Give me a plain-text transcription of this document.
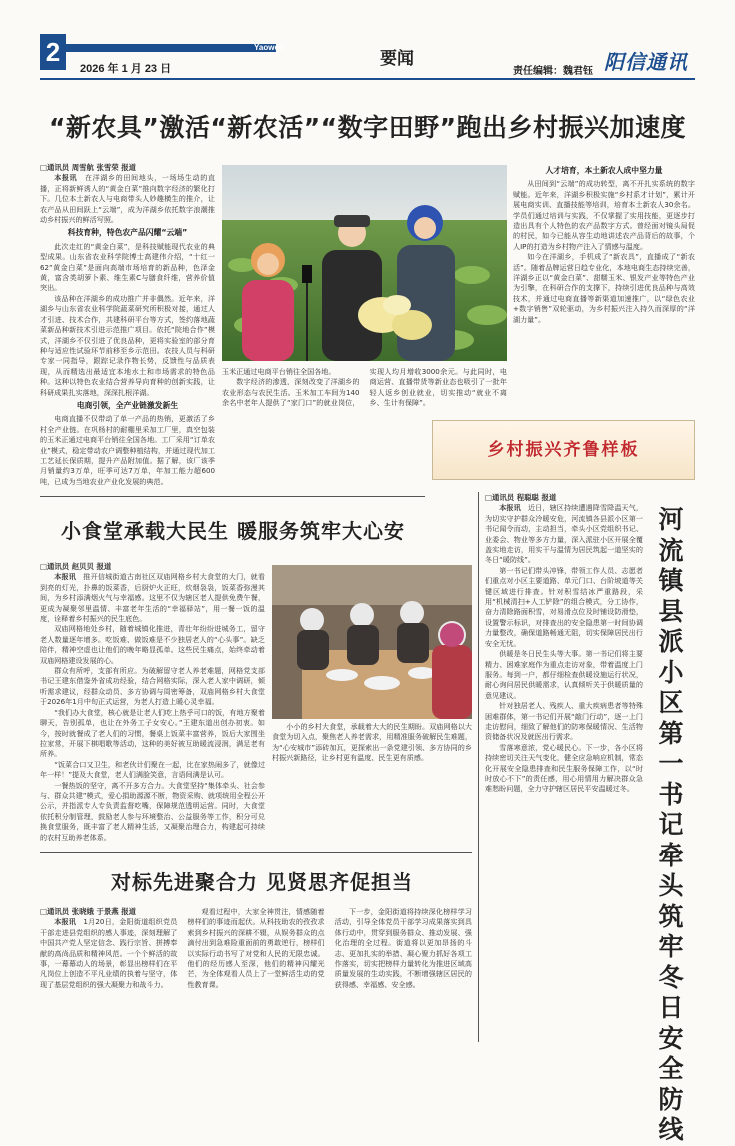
2	Yaowen
2026 年 1 月 23 日	要闻
责任编辑：魏君钰 阳信通讯
“新农具”激活“新农活”“数字田野”跑出乡村振兴加速度

□通讯员 周雪航 张雪荣 报道

本报讯　 在洋湖乡的田间地头，一场场生动的直播，正将新鲜诱人的“黄金白菜”推向数字经济的繁化打下。几位本土新农人与电商带头人妙趣横生的推介，让农产品从田间跃上“云端”，成为洋湖乡依托数字浪潮推动乡村振兴的鲜活写照。

科技育种，特色农产品闪耀“云端”

此次走红的“黄金白菜”，是科技赋能现代农业的典型成果。山东省农业科学院博士高建伟介绍，“十红一62”黄金白菜”是面向高端市场培育的新品种，色泽金黄，富含类胡萝卜素、维生素C与膳食纤维，营养价值突出。

该品种在洋湖乡的成功推广并非偶然。近年来，洋湖乡与山东省农业科学院蔬菜研究所积极对接，通过人才引进、技术合作，共建科研平台等方式，签约落地蔬菜新品种新技术引进示范推广项目。依托“院地合作”模式，洋湖乡不仅引进了优良品种，更将实验室的部分育种与适应性试验环节前移至乡示范田。农技人员与科研专家一同指导，跟踪记录作物长势，反馈性与品质表现，从而精选出最适宜本地水土和市场需求的特色品种。这种以特色农业结合营养导向育种的创新实践，让科研成果扎实落地，深深扎根洋湖。

电商引领，全产业链激发新生

电商直播不仅带动了单一产品的热销，更激活了乡村全产业链。在巩杨村的耐棚里采加工厂里，真空包装的玉米正通过电商平台销往全国各地。工厂采用“订单农业”模式，稳定带动农户调整种植结构，并通过现代加工工艺延长保质期，提升产品附加值。据了解，该厂该季月销量约3万单，旺季可达7万单，年加工能力超600吨，已成为当地农业产业化发展的典范。

玉米正通过电商平台销往全国各地。

数字经济的渗透，深刻改变了洋湖乡的农业形态与农民生活。玉米加工车间为140余名中老年人提供了“家门口”的就业岗位，实现人均月增收3000余元。与此同时，电商运营、直播带货等新业态也吸引了一批年轻人返乡创业就业，切实推动“就业不离乡、生计有保障”。

人才培育，本土新农人成中坚力量

从田间到“云端”的成功转型，离不开扎实系统的数字赋能。近年来，洋湖乡积极实施“乡村系才计划”，累计开展电商实训、直播技能等培训，培育本土新农人30余名。学员们通过培训与实践，不仅掌握了实用技能，更逐步打造出具有个人特色的农产品数字方式。曾经面对镜头局促的村民，如今已能从容生动地讲述农产品背后的故事，个人IP的打造为乡村物产注入了情感与温度。

如今在洋湖乡，手机成了“新农具”，直播成了“新农活”。随着品牌运营日趋专业化，本地电商生态持续完善，洋湖乡正以“黄金白菜”、甜糯玉米、银发产业等特色产业为引擎，在科研合作的支撑下，持续引进优良品种与高效技术，并通过电商直播等新渠道加速推广，以“绿色农业+数字销售”双轮驱动，为乡村振兴注入持久而深厚的“洋湖力量”。

乡村振兴齐鲁样板
小食堂承载大民生 暖服务筑牢大心安

□通讯员 赵贝贝 报道

本报讯　 推开信城街道古南社区双庙网格乡村大食堂的大门，就看到亮的灯光，扑鼻的饭菜香，后厨炉火正旺，炊烟袅袅，饭菜香弥漫其间，为乡村添满烟火气与幸福感。这里不仅为辖区老人提供免费午餐，更成为凝聚邻里温情、丰富老年生活的“幸福驿站”，用一餐一饭的温度，诠释着乡村振兴的民生底色。

双庙网格地处乡村，随着城镇化推进，青壮年纷纷进城务工，留守老人数量逐年增多。吃饭难、做饭难是不少独居老人的“心头事”。缺乏陪伴，精神空虚也让他们的晚年略显孤单。这些民生痛点，始终牵动着双庙网格建设发展的心。

群众有所呼，支部有所应。为破解留守老人养老难题，网格党支部书记王建东借鉴外省成功经验，结合网格实际，深入老人家中调研，倾听需求建议，经群众动员、多方协调与周密筹备，双庙网格乡村大食堂于2026年1月中旬正式运营，为老人打造上暖心灵幸福。

“我们办大食堂，核心就是让老人们吃上热乎可口的饭，有地方聚着聊天，告别孤单，也让在外务工子女安心。”王建东道出创办初衷。如今，按时就餐成了老人们的习惯，餐桌上饭菜丰富营养，饭后大家围坐拉家常，开展下棋唱歌等活动，这种的美好被互助暖流浸润，满足老有所养。

“饭菜合口又卫生，和老伙计们聚在一起，比在家热闹多了，就像过年一样！”提及大食堂，老人们满脸笑意，言语间满是认可。

一餐热饭的坚守，离不开多方合力。大食堂坚持“集体牵头、社会参与、群众共建”模式，爱心捐助源源不断，物资采购、就项统用全程公开公示，并指派专人专负责监督吃嘴，保障规范透明运营。同时，大食堂依托积分制管理，鼓励老人参与环境整治、公益服务等工作，积分可兑换食堂服务，既丰富了老人精神生活，又凝聚治理合力，构建起可持续的农村互助养老体系。

小小的乡村大食堂，承载着大大的民生期盼。双庙网格以大食堂为切入点，聚焦老人养老需求，用精准服务破解民生难题，为“心安城市”添砖加瓦，更探索出一条党建引领、多方协同的乡村振兴新路径，让乡村更有温度、民生更有质感。

对标先进聚合力 见贤思齐促担当

□通讯员 张晓娥 于景燕 报道

本报讯　 1月20日，金阳街道组织党员干部走进县党组织的感人事迹，深刻理解了中国共产党人坚定信念、践行宗旨、拼搏奉献的高尚品质和精神风范。一个个鲜活的故事，一幕幕动人的场景，彰显出榜样们在平凡岗位上创造不平凡业绩的执着与坚守，体现了基层党组织的强大凝聚力和战斗力。

观看过程中，大家全神贯注，情感随着榜样们的事迹而起伏。从科技助农的孜孜求索到乡村振兴的深耕不辍，从娱务群众的点滴付出到急难险重面前的勇敢逆行，榜样们以实际行动书写了对党和人民的无限忠诚。他们的经历感人至深，他们的精神闪耀光芒，为全体观看人员上了一堂鲜活生动的党性教育课。

下一步，金阳街道将持续深化榜样学习活动，引导全体党员干部学习成果落实到具体行动中，贯穿到服务群众、推动发展、强化治理的全过程。街道将以更加昂扬的斗志、更加扎实的举措、凝心聚力抓好各项工作落实，切实把榜样力量转化为推进区域高质量发展的生动实践，不断增强辖区居民的获得感、幸福感、安全感。

□通讯员 程聪聪 报道

本报讯　 近日，辖区持续遭遇降雪降温天气，为切实守护群众冷暖安危，河流镇各县派小区第一书记闻令而动，主动担当，牵头小区党组织书记、业委会、物业等多方力量，深入派驻小区开展全覆盖实地走访，用实干与温情为居民筑起一道坚实的冬日“暖防线”。

第一书记们带头冲锋，带领工作人员、志愿者们重点对小区主要道路、单元门口、台阶坡道等关键区域进行排查。针对积雪结冰严重路段，采用“机械清扫+人工铲除”的组合模式，分工协作，奋力清除路面积雪，对易滑点位及时铺设防滑垫，设置警示标识，对排查出的安全隐患第一时间协调力量整改，确保道路畅通无阻，切实保障居民出行安全无忧。

供暖是冬日民生头等大事。第一书记们将主要精力、困难家庭作为重点走访对象，带着温度上门服务。每到一户，都仔细检查供暖设施运行状况，耐心询问居民供暖需求，认真倾听关于供暖质量的意见建议。

针对独居老人、残疾人、重大疾病患者等特殊困难群体，第一书记们开展“敲门行动”，逐一上门走访慰问，细致了解他们的防寒保暖情况、生活物资储备状况及就医出行需求。

雪落寒意浓，党心暖民心。下一步，各小区将持续密切关注天气变化，健全应急响应机制，常态化开展安全隐患排查和民生服务保障工作，以“时时放心不下”的责任感，用心用情用力解决群众急难愁盼问题，全力守护辖区居民平安温暖过冬。

河流镇县派小区第一书记牵头筑牢冬日安全防线
